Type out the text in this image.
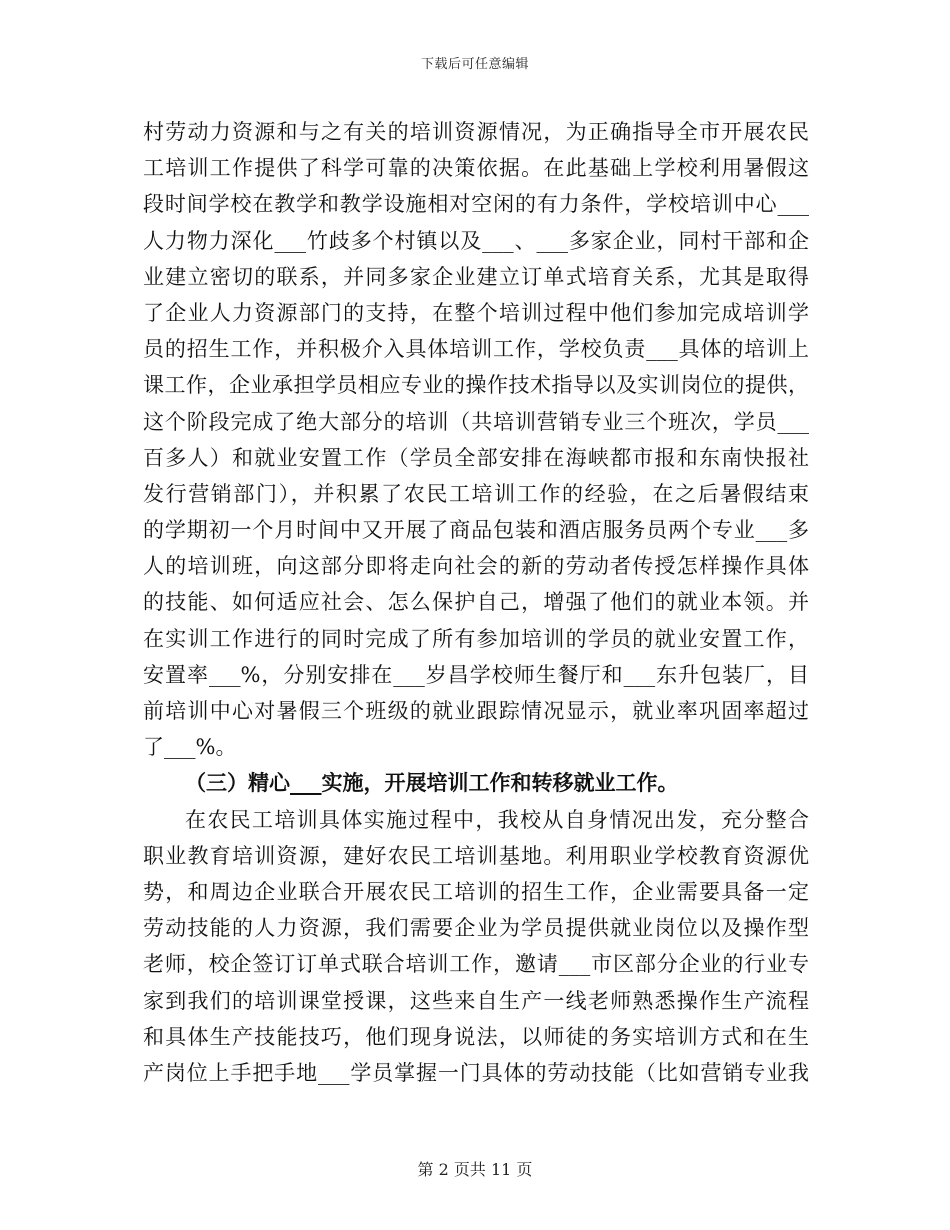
下载后可任意编辑
村劳动力资源和与之有关的培训资源情况，为正确指导全市开展农民
工培训工作提供了科学可靠的决策依据。在此基础上学校利用暑假这
段时间学校在教学和教学设施相对空闲的有力条件，学校培训中心___
人力物力深化___竹歧多个村镇以及___、___多家企业，同村干部和企
业建立密切的联系，并同多家企业建立订单式培育关系，尤其是取得
了企业人力资源部门的支持，在整个培训过程中他们参加完成培训学
员的招生工作，并积极介入具体培训工作，学校负责___具体的培训上
课工作，企业承担学员相应专业的操作技术指导以及实训岗位的提供，
这个阶段完成了绝大部分的培训（共培训营销专业三个班次，学员___
百多人）和就业安置工作（学员全部安排在海峡都市报和东南快报社
发行营销部门），并积累了农民工培训工作的经验，在之后暑假结束
的学期初一个月时间中又开展了商品包装和酒店服务员两个专业___多
人的培训班，向这部分即将走向社会的新的劳动者传授怎样操作具体
的技能、如何适应社会、怎么保护自己，增强了他们的就业本领。并
在实训工作进行的同时完成了所有参加培训的学员的就业安置工作，
安置率___%，分别安排在___岁昌学校师生餐厅和___东升包装厂，目
前培训中心对暑假三个班级的就业跟踪情况显示，就业率巩固率超过
了___%。
（三）精心___实施，开展培训工作和转移就业工作。
在农民工培训具体实施过程中，我校从自身情况出发，充分整合
职业教育培训资源，建好农民工培训基地。利用职业学校教育资源优
势，和周边企业联合开展农民工培训的招生工作，企业需要具备一定
劳动技能的人力资源，我们需要企业为学员提供就业岗位以及操作型
老师，校企签订订单式联合培训工作，邀请___市区部分企业的行业专
家到我们的培训课堂授课，这些来自生产一线老师熟悉操作生产流程
和具体生产技能技巧，他们现身说法，以师徒的务实培训方式和在生
产岗位上手把手地___学员掌握一门具体的劳动技能（比如营销专业我
第 2 页共 11 页
